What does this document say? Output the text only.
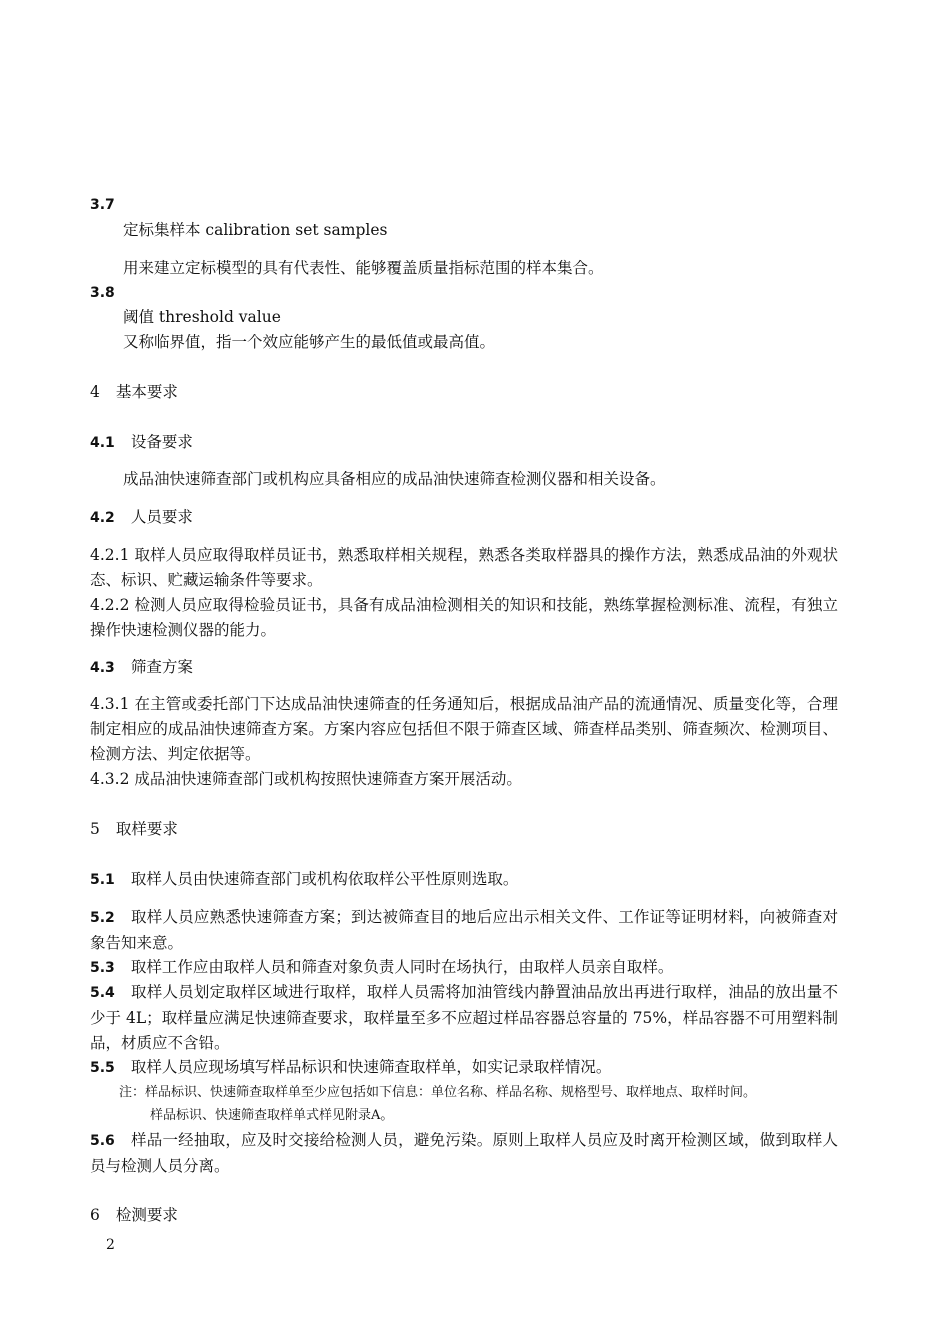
3.7
定标集样本 calibration set samples
用来建立定标模型的具有代表性、能够覆盖质量指标范围的样本集合。
3.8
阈值 threshold value
又称临界值，指一个效应能够产生的最低值或最高值。
4 基本要求
4.1 设备要求
成品油快速筛查部门或机构应具备相应的成品油快速筛查检测仪器和相关设备。
4.2 人员要求
4.2.1 取样人员应取得取样员证书，熟悉取样相关规程，熟悉各类取样器具的操作方法，熟悉成品油的外观状态、标识、贮藏运输条件等要求。
4.2.2 检测人员应取得检验员证书，具备有成品油检测相关的知识和技能，熟练掌握检测标准、流程，有独立操作快速检测仪器的能力。
4.3 筛查方案
4.3.1 在主管或委托部门下达成品油快速筛查的任务通知后，根据成品油产品的流通情况、质量变化等，合理制定相应的成品油快速筛查方案。方案内容应包括但不限于筛查区域、筛查样品类别、筛查频次、检测项目、检测方法、判定依据等。
4.3.2 成品油快速筛查部门或机构按照快速筛查方案开展活动。
5 取样要求
5.1 取样人员由快速筛查部门或机构依取样公平性原则选取。
5.2 取样人员应熟悉快速筛查方案；到达被筛查目的地后应出示相关文件、工作证等证明材料，向被筛查对象告知来意。
5.3 取样工作应由取样人员和筛查对象负责人同时在场执行，由取样人员亲自取样。
5.4 取样人员划定取样区域进行取样，取样人员需将加油管线内静置油品放出再进行取样，油品的放出量不少于 4L；取样量应满足快速筛查要求，取样量至多不应超过样品容器总容量的 75%，样品容器不可用塑料制品，材质应不含铅。
5.5 取样人员应现场填写样品标识和快速筛查取样单，如实记录取样情况。
注：样品标识、快速筛查取样单至少应包括如下信息：单位名称、样品名称、规格型号、取样地点、取样时间。
样品标识、快速筛查取样单式样见附录A。
5.6 样品一经抽取，应及时交接给检测人员，避免污染。原则上取样人员应及时离开检测区域，做到取样人员与检测人员分离。
6 检测要求
2
